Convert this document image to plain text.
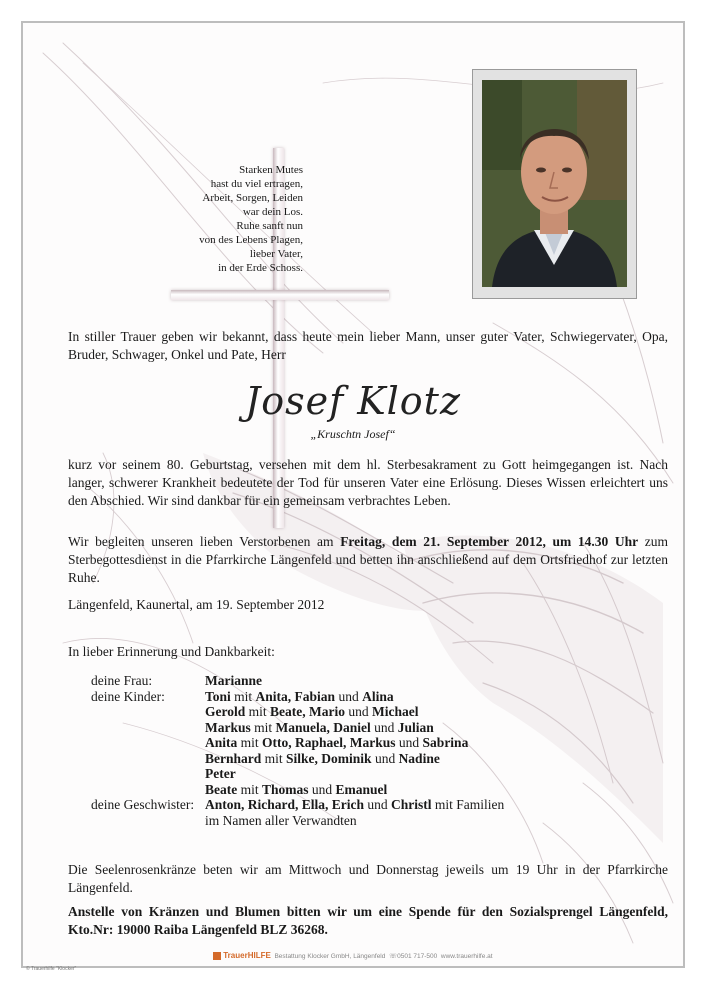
Starken Mutes
hast du viel ertragen,
Arbeit, Sorgen, Leiden
war dein Los.
Ruhe sanft nun
von des Lebens Plagen,
lieber Vater,
in der Erde Schoss.
In stiller Trauer geben wir bekannt, dass heute mein lieber Mann, unser guter Vater, Schwiegervater, Opa, Bruder, Schwager, Onkel und Pate, Herr
Josef Klotz
„Kruschtn Josef“
kurz vor seinem 80. Geburtstag, versehen mit dem hl. Sterbesakrament zu Gott heimgegangen ist. Nach langer, schwerer Krankheit bedeutete der Tod für unseren Vater eine Erlösung. Dieses Wissen erleichtert uns den Abschied. Wir sind dankbar für ein gemeinsam verbrachtes Leben.
Wir begleiten unseren lieben Verstorbenen am Freitag, dem 21. September 2012, um 14.30 Uhr zum Sterbegottesdienst in die Pfarrkirche Längenfeld und betten ihn anschließend auf dem Ortsfriedhof zur letzten Ruhe.
Längenfeld, Kaunertal, am 19. September 2012
In lieber Erinnerung und Dankbarkeit:
deine Frau:
deine Kinder:
deine Geschwister:
Marianne
Toni mit Anita, Fabian und Alina
Gerold mit Beate, Mario und Michael
Markus mit Manuela, Daniel und Julian
Anita mit Otto, Raphael, Markus und Sabrina
Bernhard mit Silke, Dominik und Nadine
Peter
Beate mit Thomas und Emanuel
Anton, Richard, Ella, Erich und Christl mit Familien
im Namen aller Verwandten
Die Seelenrosenkränze beten wir am Mittwoch und Donnerstag jeweils um 19 Uhr in der Pfarrkirche Längenfeld.
Anstelle von Kränzen und Blumen bitten wir um eine Spende für den Sozialsprengel Längenfeld, Kto.Nr: 19000 Raiba Längenfeld BLZ 36268.
TrauerHILFE Bestattung Klocker GmbH, Längenfeld ☏0501 717-500 www.trauerhilfe.at
© Trauerhilfe "Klocker"
